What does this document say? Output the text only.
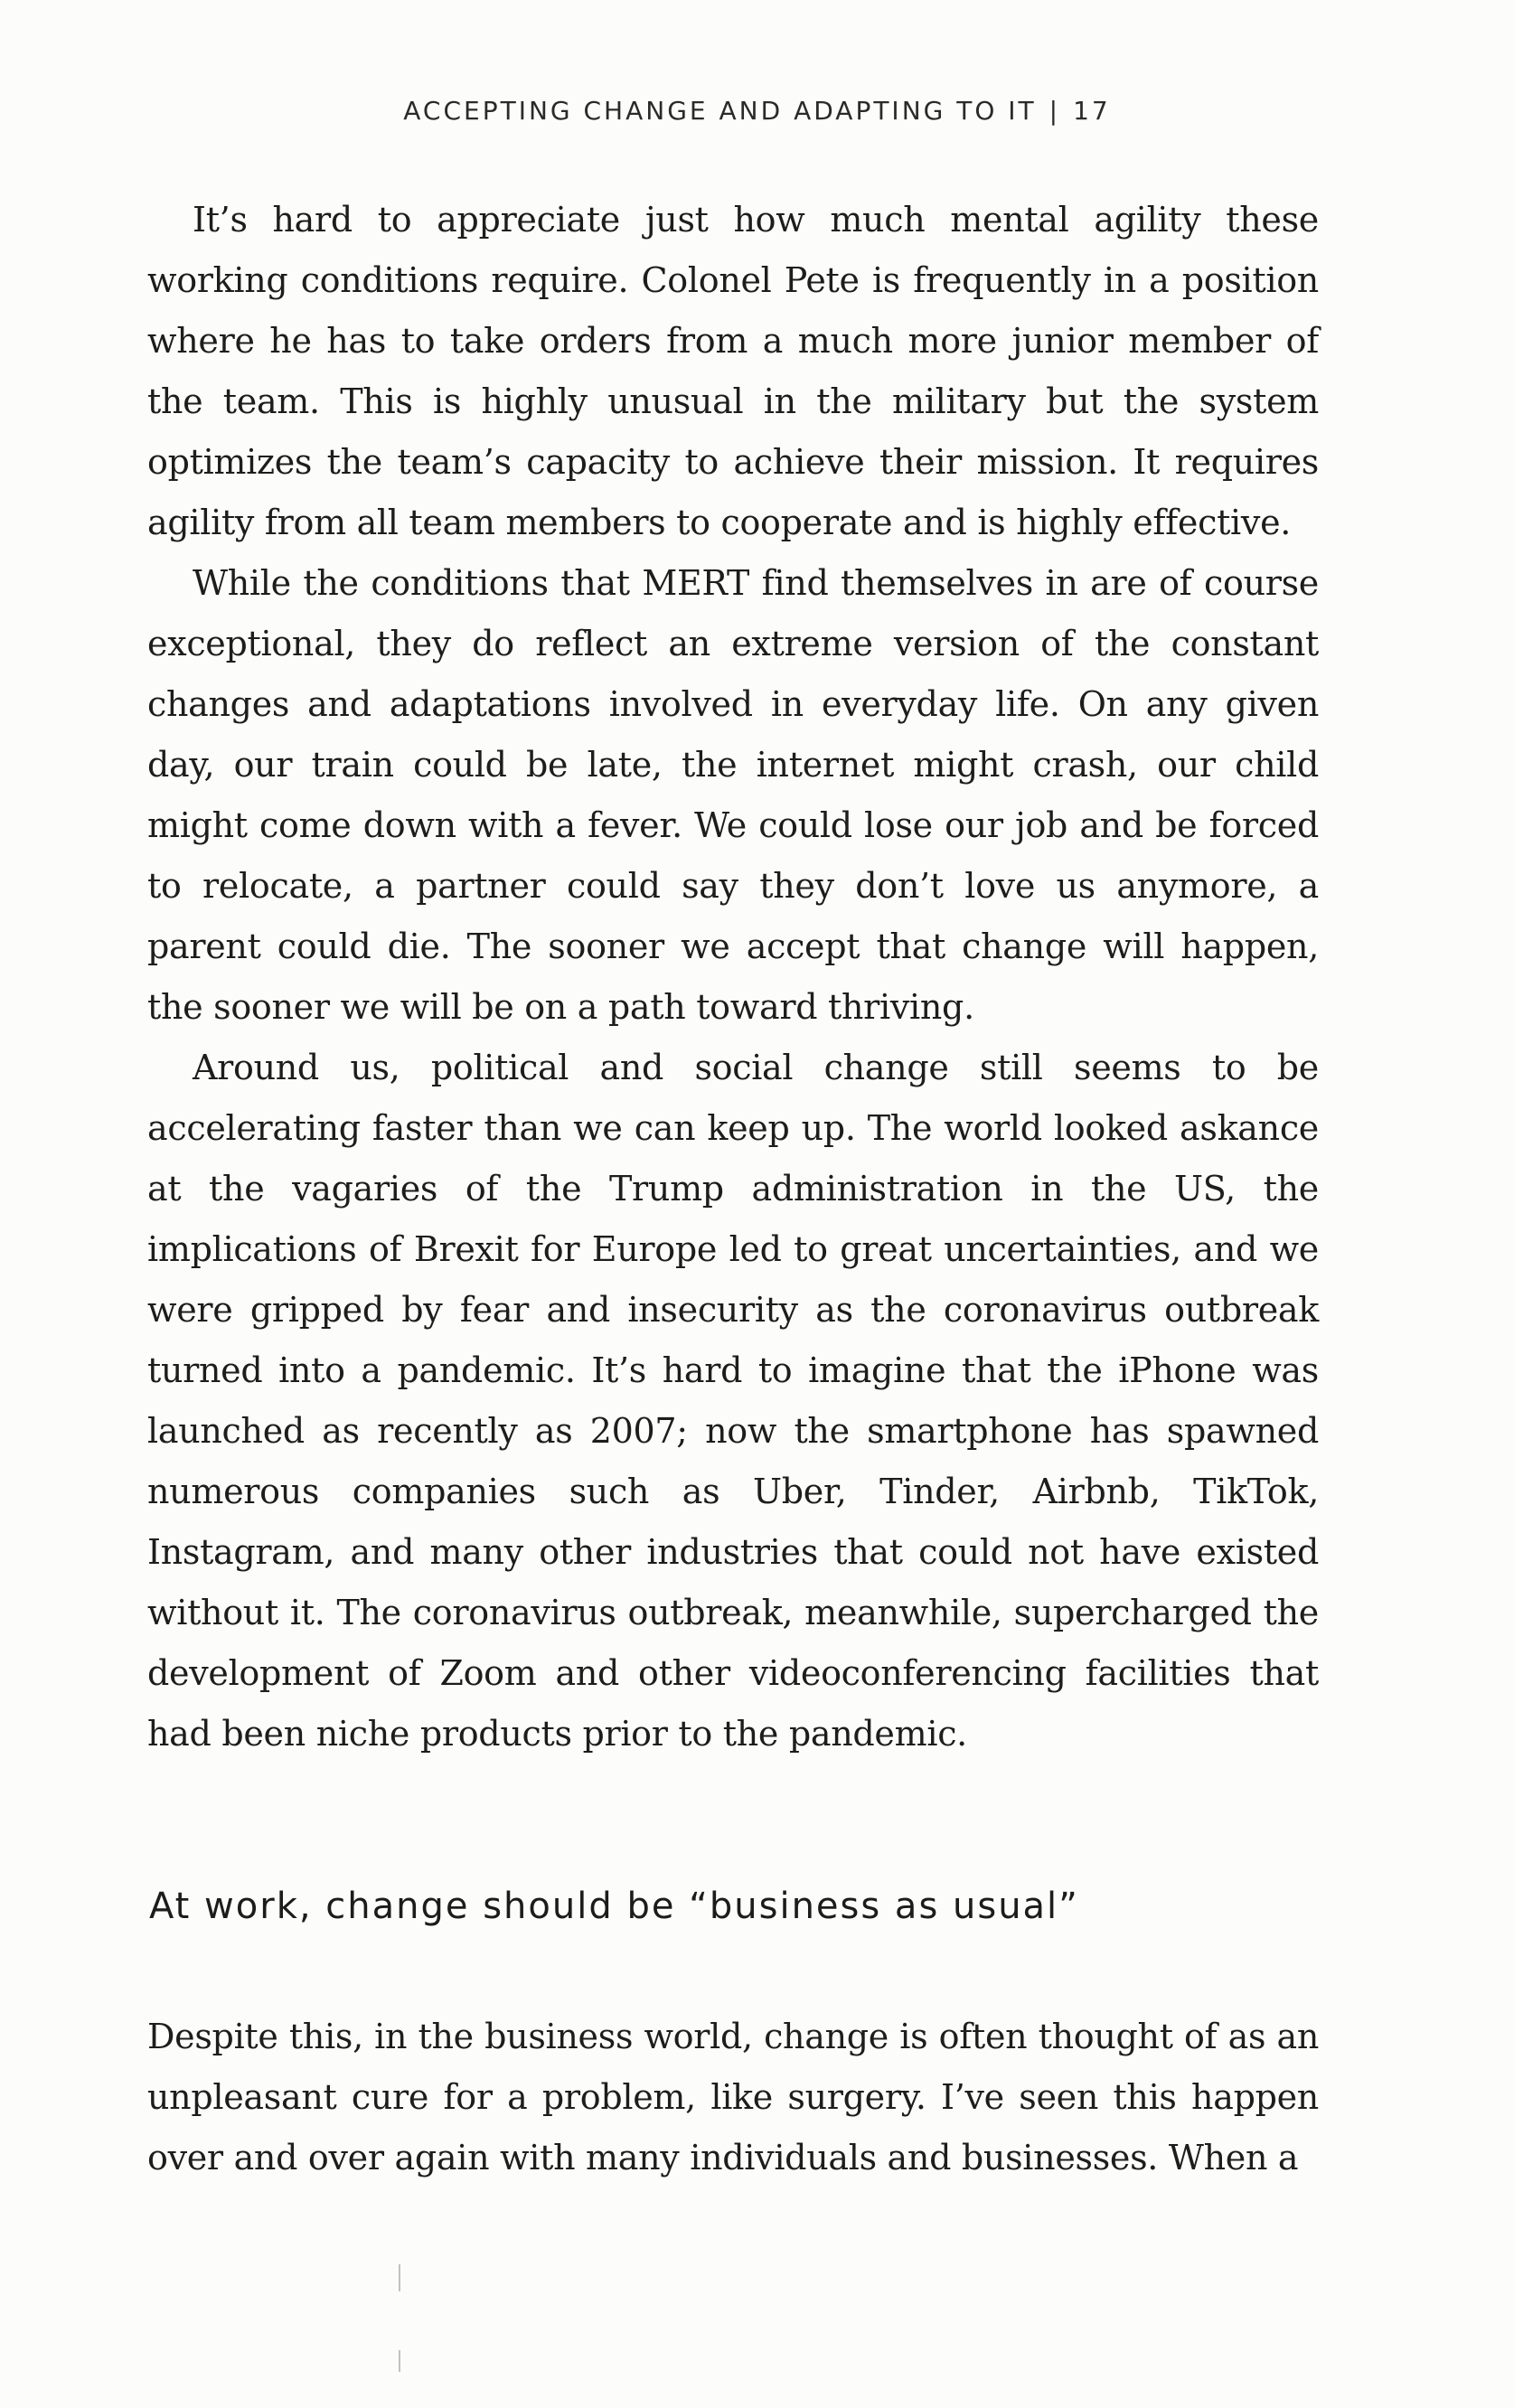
ACCEPTING CHANGE AND ADAPTING TO IT | 17

It’s hard to appreciate just how much mental agility these working conditions require. Colonel Pete is frequently in a position where he has to take orders from a much more junior member of the team. This is highly unusual in the military but the system optimizes the team’s capacity to achieve their mission. It requires agility from all team members to cooperate and is highly effective.

While the conditions that MERT find themselves in are of course exceptional, they do reflect an extreme version of the constant changes and adaptations involved in everyday life. On any given day, our train could be late, the internet might crash, our child might come down with a fever. We could lose our job and be forced to relocate, a partner could say they don’t love us anymore, a parent could die. The sooner we accept that change will happen, the sooner we will be on a path toward thriving.

Around us, political and social change still seems to be accelerating faster than we can keep up. The world looked askance at the vagaries of the Trump administration in the US, the implications of Brexit for Europe led to great uncertainties, and we were gripped by fear and insecurity as the coronavirus outbreak turned into a pandemic. It’s hard to imagine that the iPhone was launched as recently as 2007; now the smartphone has spawned numerous companies such as Uber, Tinder, Airbnb, TikTok, Instagram, and many other industries that could not have existed without it. The coronavirus outbreak, meanwhile, supercharged the development of Zoom and other videoconferencing facilities that had been niche products prior to the pandemic.

At work, change should be “business as usual”

Despite this, in the business world, change is often thought of as an unpleasant cure for a problem, like surgery. I’ve seen this happen over and over again with many individuals and businesses. When a
